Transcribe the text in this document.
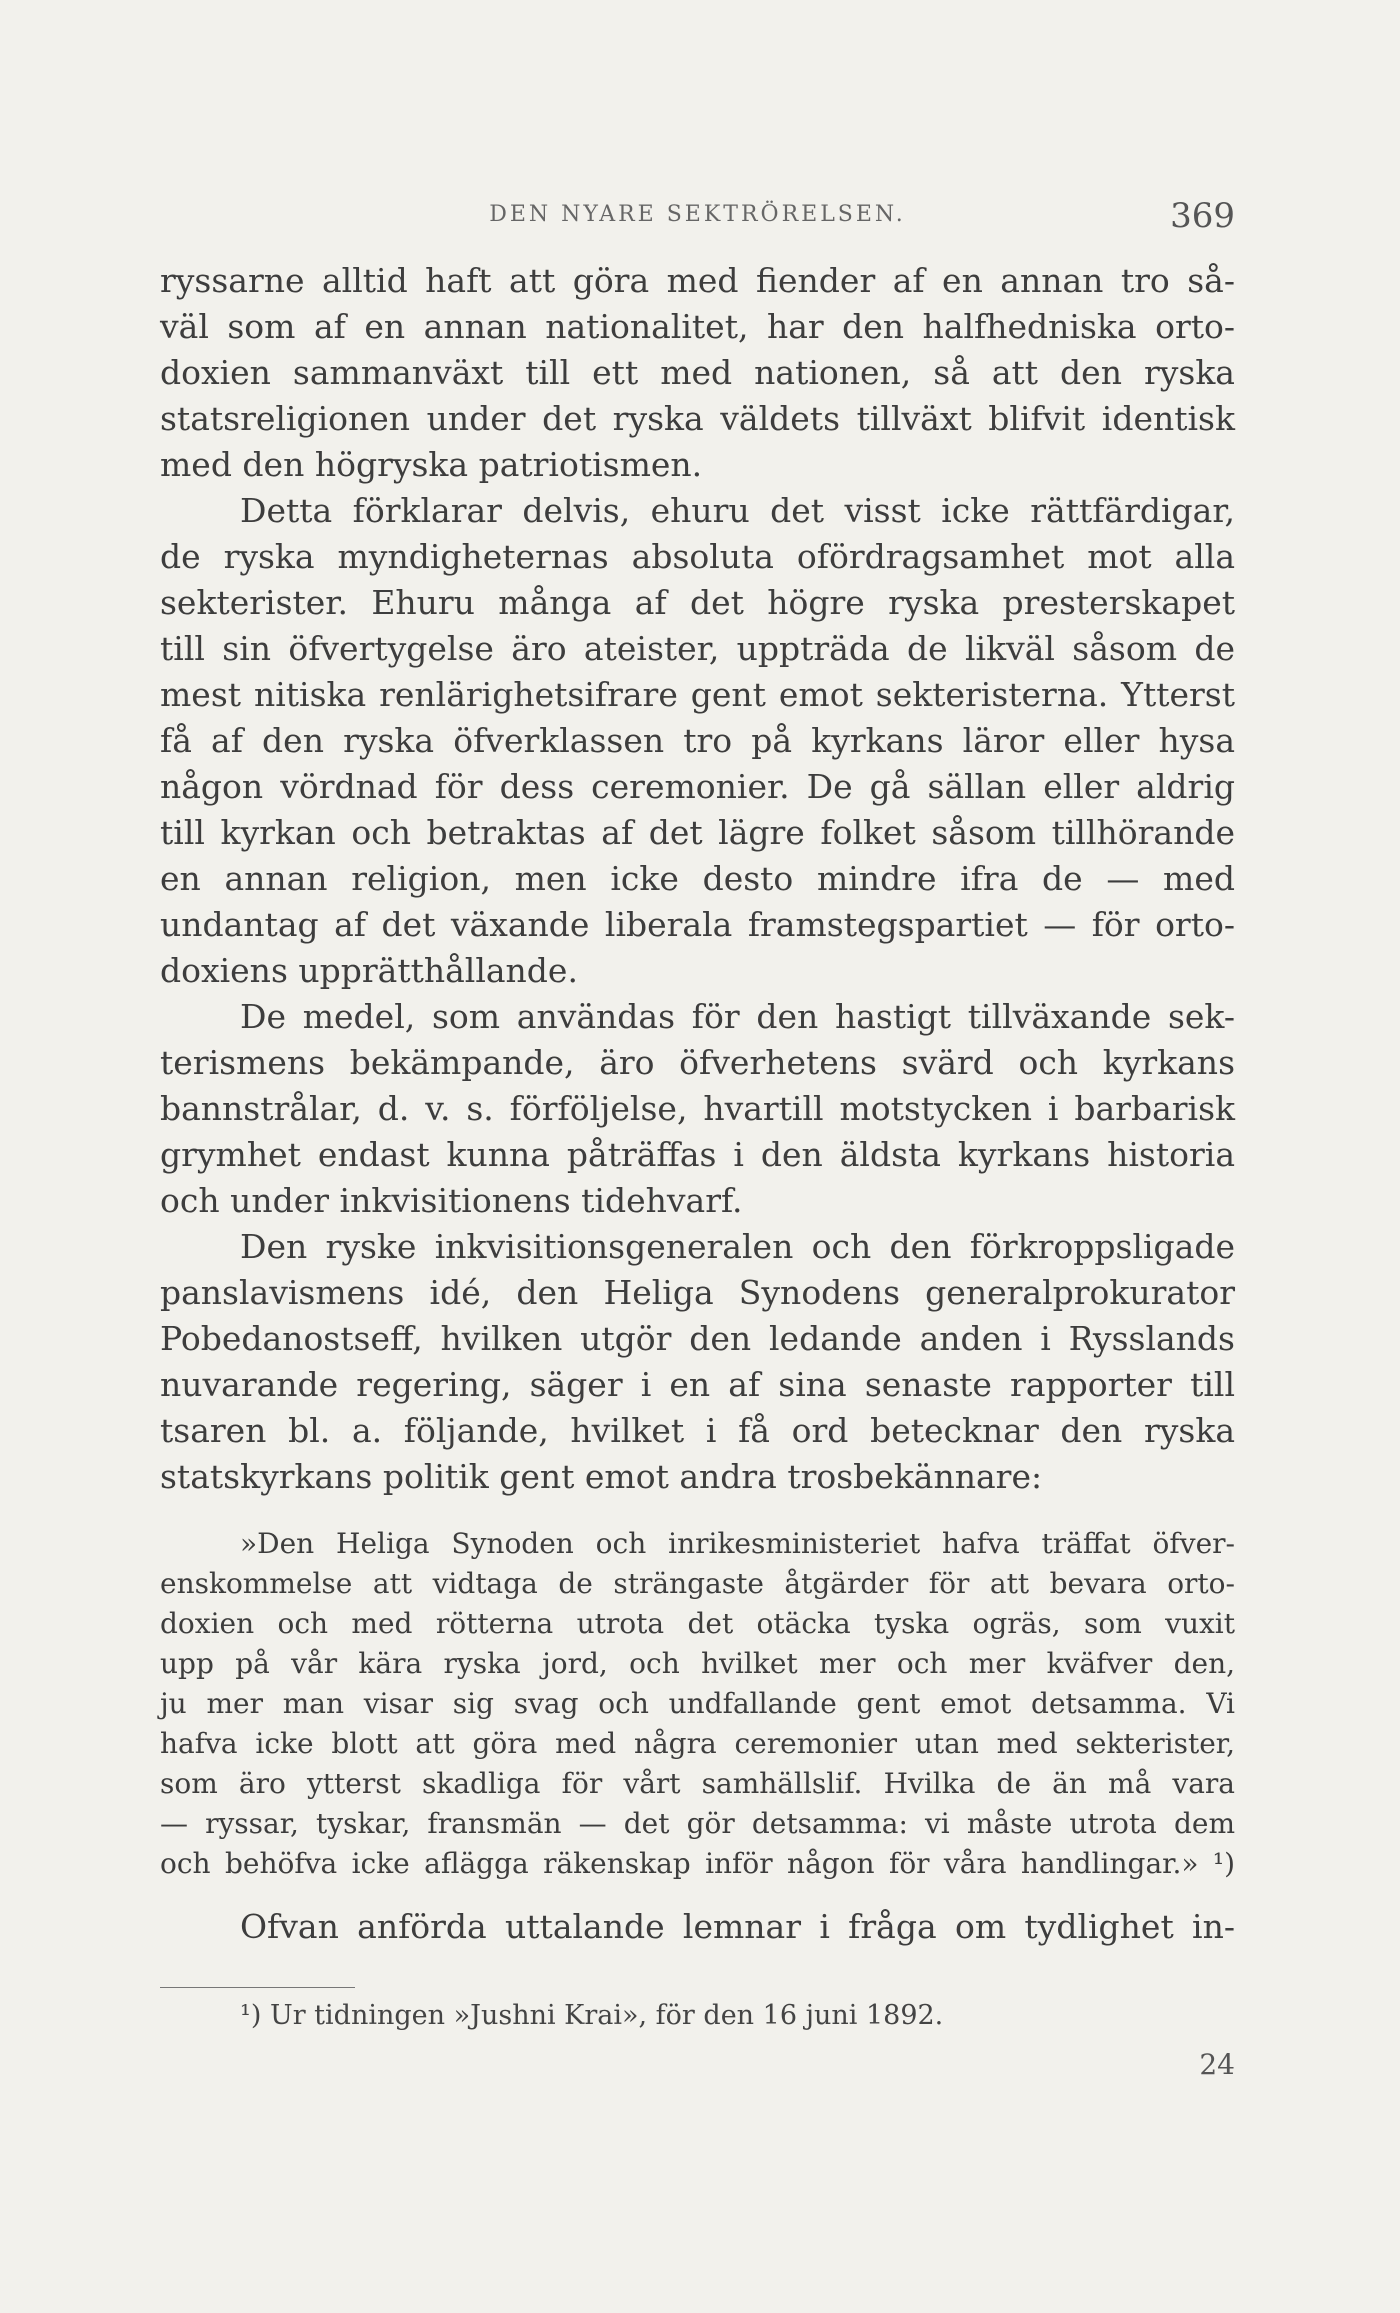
DEN NYARE SEKTRÖRELSEN.	369
ryssarne alltid haft att göra med fiender af en annan tro så-
väl som af en annan nationalitet, har den halfhedniska orto-
doxien sammanväxt till ett med nationen, så att den ryska
statsreligionen under det ryska väldets tillväxt blifvit identisk
med den högryska patriotismen.
Detta förklarar delvis, ehuru det visst icke rättfärdigar,
de ryska myndigheternas absoluta ofördragsamhet mot alla
sekterister. Ehuru många af det högre ryska presterskapet
till sin öfvertygelse äro ateister, uppträda de likväl såsom de
mest nitiska renlärighetsifrare gent emot sekteristerna. Ytterst
få af den ryska öfverklassen tro på kyrkans läror eller hysa
någon vördnad för dess ceremonier. De gå sällan eller aldrig
till kyrkan och betraktas af det lägre folket såsom tillhörande
en annan religion, men icke desto mindre ifra de — med
undantag af det växande liberala framstegspartiet — för orto-
doxiens upprätthållande.
De medel, som användas för den hastigt tillväxande sek-
terismens bekämpande, äro öfverhetens svärd och kyrkans
bannstrålar, d. v. s. förföljelse, hvartill motstycken i barbarisk
grymhet endast kunna påträffas i den äldsta kyrkans historia
och under inkvisitionens tidehvarf.
Den ryske inkvisitionsgeneralen och den förkroppsligade
panslavismens idé, den Heliga Synodens generalprokurator
Pobedanostseff, hvilken utgör den ledande anden i Rysslands
nuvarande regering, säger i en af sina senaste rapporter till
tsaren bl. a. följande, hvilket i få ord betecknar den ryska
statskyrkans politik gent emot andra trosbekännare:
»Den Heliga Synoden och inrikesministeriet hafva träffat öfver-
enskommelse att vidtaga de strängaste åtgärder för att bevara orto-
doxien och med rötterna utrota det otäcka tyska ogräs, som vuxit
upp på vår kära ryska jord, och hvilket mer och mer kväfver den,
ju mer man visar sig svag och undfallande gent emot detsamma. Vi
hafva icke blott att göra med några ceremonier utan med sekterister,
som äro ytterst skadliga för vårt samhällslif. Hvilka de än må vara
— ryssar, tyskar, fransmän — det gör detsamma: vi måste utrota dem
och behöfva icke aflägga räkenskap inför någon för våra handlingar.» ¹)
Ofvan anförda uttalande lemnar i fråga om tydlighet in-
¹) Ur tidningen »Jushni Krai», för den 16 juni 1892.
24
